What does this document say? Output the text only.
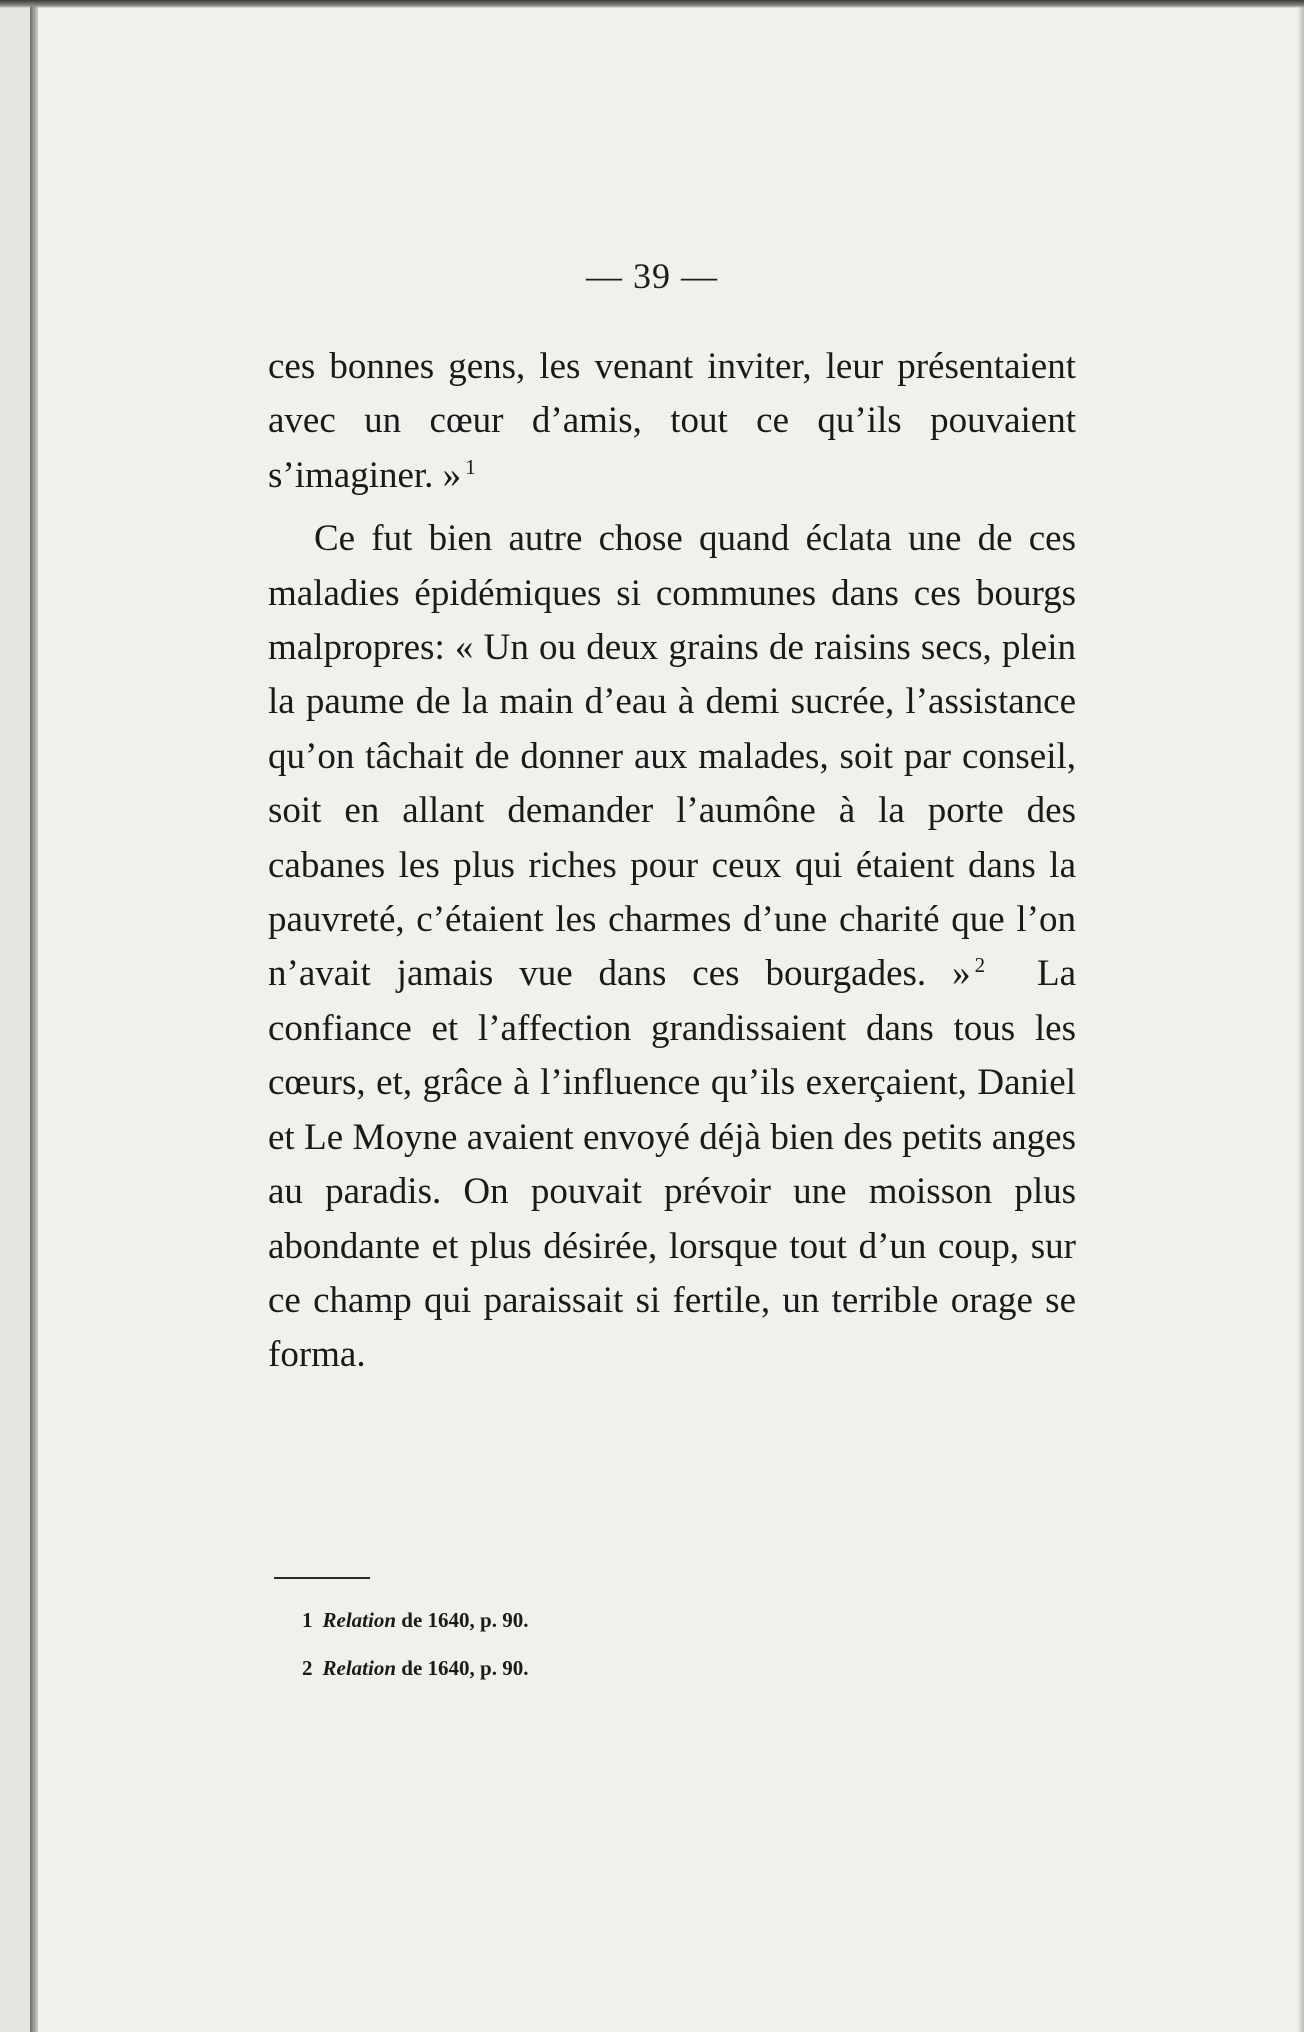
— 39 —

ces bonnes gens, les venant inviter, leur présentaient avec un cœur d’amis, tout ce qu’ils pouvaient s’imaginer. » $^1$

Ce fut bien autre chose quand éclata une de ces maladies épidémiques si communes dans ces bourgs malpropres: « Un ou deux grains de raisins secs, plein la paume de la main d’eau à demi sucrée, l’assistance qu’on tâchait de donner aux malades, soit par conseil, soit en allant demander l’aumône à la porte des cabanes les plus riches pour ceux qui étaient dans la pauvreté, c’étaient les charmes d’une charité que l’on n’avait jamais vue dans ces bourgades. » $^2$ La confiance et l’affection grandissaient dans tous les cœurs, et, grâce à l’influence qu’ils exerçaient, Daniel et Le Moyne avaient envoyé déjà bien des petits anges au paradis. On pouvait prévoir une moisson plus abondante et plus désirée, lorsque tout d’un coup, sur ce champ qui paraissait si fertile, un terrible orage se forma.

1 Relation de 1640, p. 90.
2 Relation de 1640, p. 90.
